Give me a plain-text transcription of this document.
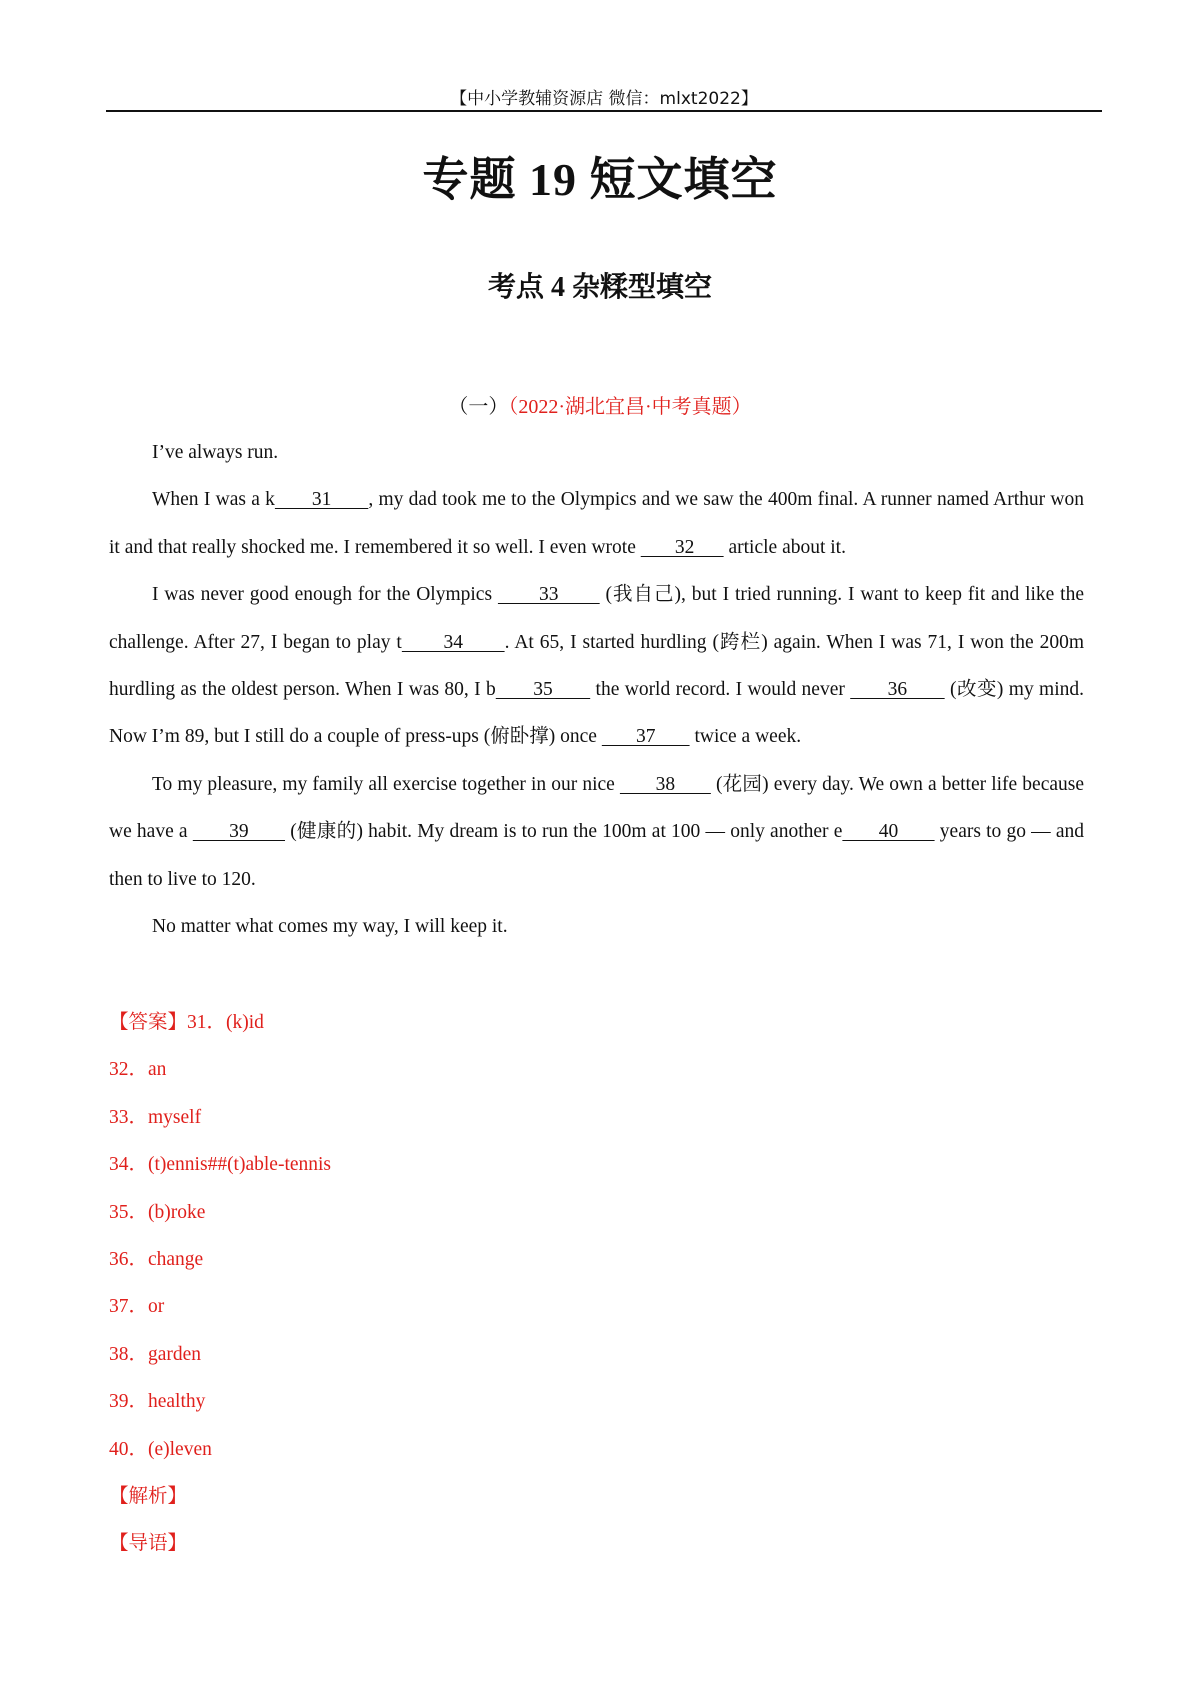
【中小学教辅资源店 微信：mlxt2022】
专题 19 短文填空
考点 4 杂糅型填空
（一）（2022·湖北宜昌·中考真题）

I’ve always run.

When I was a k       31       , my dad took me to the Olympics and we saw the 400m final. A runner named Arthur won it and that really shocked me. I remembered it so well. I even wrote        32       article about it.

I was never good enough for the Olympics        33        (我自己), but I tried running. I want to keep fit and like the challenge. After 27, I began to play t       34       . At 65, I started hurdling (跨栏) again. When I was 71, I won the 200m hurdling as the oldest person. When I was 80, I b       35        the world record. I would never        36        (改变) my mind. Now I’m 89, but I still do a couple of press-ups (俯卧撑) once        37        twice a week.

To my pleasure, my family all exercise together in our nice        38        (花园) every day. We own a better life because we have a        39        (健康的) habit. My dream is to run the 100m at 100 — only another e       40        years to go — and then to live to 120.

No matter what comes my way, I will keep it.

【答案】31．(k)id
32．an
33．myself
34．(t)ennis##(t)able-tennis
35．(b)roke
36．change
37．or
38．garden
39．healthy
40．(e)leven
【解析】
【导语】
